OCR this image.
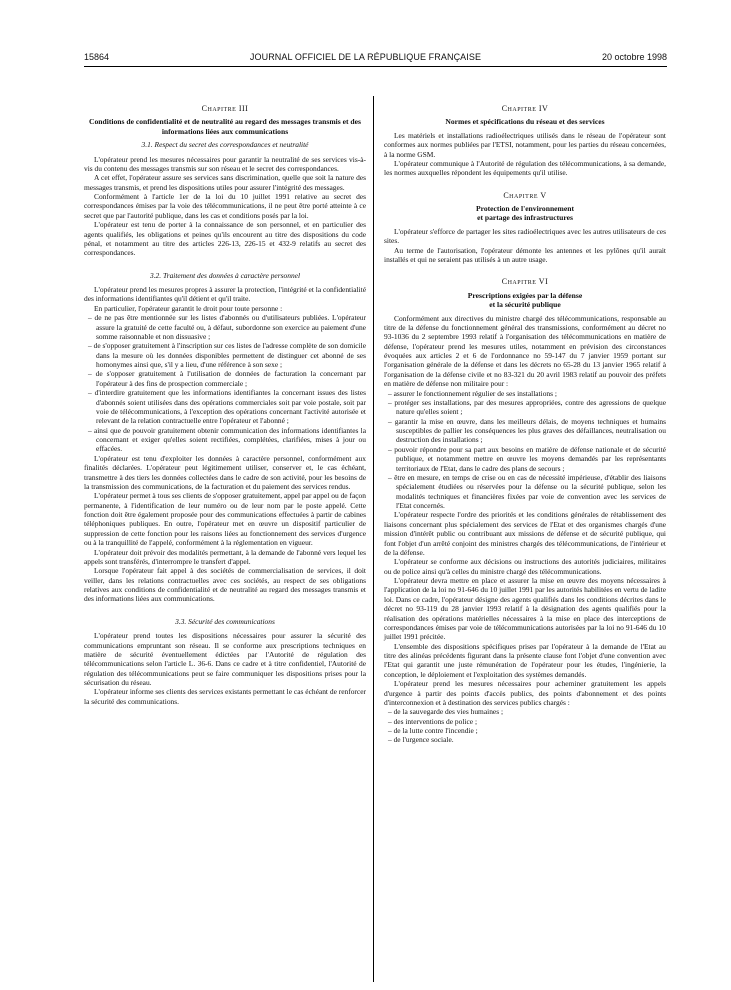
15864	JOURNAL OFFICIEL DE LA RÉPUBLIQUE FRANÇAISE	20 octobre 1998

Chapitre III

Conditions de confidentialité et de neutralité au regard des messages transmis et des informations liées aux communications

3.1. Respect du secret des correspondances et neutralité

L'opérateur prend les mesures nécessaires pour garantir la neutralité de ses services vis-à-vis du contenu des messages transmis sur son réseau et le secret des correspondances.

A cet effet, l'opérateur assure ses services sans discrimination, quelle que soit la nature des messages transmis, et prend les dispositions utiles pour assurer l'intégrité des messages.

Conformément à l'article 1er de la loi du 10 juillet 1991 relative au secret des correspondances émises par la voie des télécommunications, il ne peut être porté atteinte à ce secret que par l'autorité publique, dans les cas et conditions posés par la loi.

L'opérateur est tenu de porter à la connaissance de son personnel, et en particulier des agents qualifiés, les obligations et peines qu'ils encourent au titre des dispositions du code pénal, et notamment au titre des articles 226-13, 226-15 et 432-9 relatifs au secret des correspondances.

3.2. Traitement des données à caractère personnel

L'opérateur prend les mesures propres à assurer la protection, l'intégrité et la confidentialité des informations identifiantes qu'il détient et qu'il traite.

En particulier, l'opérateur garantit le droit pour toute personne :

– de ne pas être mentionnée sur les listes d'abonnés ou d'utilisateurs publiées. L'opérateur assure la gratuité de cette faculté ou, à défaut, subordonne son exercice au paiement d'une somme raisonnable et non dissuasive ;
– de s'opposer gratuitement à l'inscription sur ces listes de l'adresse complète de son domicile dans la mesure où les données disponibles permettent de distinguer cet abonné de ses homonymes ainsi que, s'il y a lieu, d'une référence à son sexe ;
– de s'opposer gratuitement à l'utilisation de données de facturation la concernant par l'opérateur à des fins de prospection commerciale ;
– d'interdire gratuitement que les informations identifiantes la concernant issues des listes d'abonnés soient utilisées dans des opérations commerciales soit par voie postale, soit par voie de télécommunications, à l'exception des opérations concernant l'activité autorisée et relevant de la relation contractuelle entre l'opérateur et l'abonné ;
– ainsi que de pouvoir gratuitement obtenir communication des informations identifiantes la concernant et exiger qu'elles soient rectifiées, complétées, clarifiées, mises à jour ou effacées.

L'opérateur est tenu d'exploiter les données à caractère personnel, conformément aux finalités déclarées. L'opérateur peut légitimement utiliser, conserver et, le cas échéant, transmettre à des tiers les données collectées dans le cadre de son activité, pour les besoins de la transmission des communications, de la facturation et du paiement des services rendus.

L'opérateur permet à tous ses clients de s'opposer gratuitement, appel par appel ou de façon permanente, à l'identification de leur numéro ou de leur nom par le poste appelé. Cette fonction doit être également proposée pour des communications effectuées à partir de cabines téléphoniques publiques. En outre, l'opérateur met en œuvre un dispositif particulier de suppression de cette fonction pour les raisons liées au fonctionnement des services d'urgence ou à la tranquillité de l'appelé, conformément à la réglementation en vigueur.

L'opérateur doit prévoir des modalités permettant, à la demande de l'abonné vers lequel les appels sont transférés, d'interrompre le transfert d'appel.

Lorsque l'opérateur fait appel à des sociétés de commercialisation de services, il doit veiller, dans les relations contractuelles avec ces sociétés, au respect de ses obligations relatives aux conditions de confidentialité et de neutralité au regard des messages transmis et des informations liées aux communications.

3.3. Sécurité des communications

L'opérateur prend toutes les dispositions nécessaires pour assurer la sécurité des communications empruntant son réseau. Il se conforme aux prescriptions techniques en matière de sécurité éventuellement édictées par l'Autorité de régulation des télécommunications selon l'article L. 36-6. Dans ce cadre et à titre confidentiel, l'Autorité de régulation des télécommunications peut se faire communiquer les dispositions prises pour la sécurisation du réseau.

L'opérateur informe ses clients des services existants permettant le cas échéant de renforcer la sécurité des communications.

Chapitre IV

Normes et spécifications du réseau et des services

Les matériels et installations radioélectriques utilisés dans le réseau de l'opérateur sont conformes aux normes publiées par l'ETSI, notamment, pour les parties du réseau concernées, à la norme GSM.

L'opérateur communique à l'Autorité de régulation des télécommunications, à sa demande, les normes auxquelles répondent les équipements qu'il utilise.

Chapitre V

Protection de l'environnement

et partage des infrastructures

L'opérateur s'efforce de partager les sites radioélectriques avec les autres utilisateurs de ces sites.

Au terme de l'autorisation, l'opérateur démonte les antennes et les pylônes qu'il aurait installés et qui ne seraient pas utilisés à un autre usage.

Chapitre VI

Prescriptions exigées par la défense

et la sécurité publique

Conformément aux directives du ministre chargé des télécommunications, responsable au titre de la défense du fonctionnement général des transmissions, conformément au décret no 93-1036 du 2 septembre 1993 relatif à l'organisation des télécommunications en matière de défense, l'opérateur prend les mesures utiles, notamment en prévision des circonstances évoquées aux articles 2 et 6 de l'ordonnance no 59-147 du 7 janvier 1959 portant sur l'organisation générale de la défense et dans les décrets no 65-28 du 13 janvier 1965 relatif à l'organisation de la défense civile et no 83-321 du 20 avril 1983 relatif au pouvoir des préfets en matière de défense non militaire pour :

– assurer le fonctionnement régulier de ses installations ;
– protéger ses installations, par des mesures appropriées, contre des agressions de quelque nature qu'elles soient ;
– garantir la mise en œuvre, dans les meilleurs délais, de moyens techniques et humains susceptibles de pallier les conséquences les plus graves des défaillances, neutralisation ou destruction des installations ;
– pouvoir répondre pour sa part aux besoins en matière de défense nationale et de sécurité publique, et notamment mettre en œuvre les moyens demandés par les représentants territoriaux de l'Etat, dans le cadre des plans de secours ;
– être en mesure, en temps de crise ou en cas de nécessité impérieuse, d'établir des liaisons spécialement étudiées ou réservées pour la défense ou la sécurité publique, selon les modalités techniques et financières fixées par voie de convention avec les services de l'Etat concernés.

L'opérateur respecte l'ordre des priorités et les conditions générales de rétablissement des liaisons concernant plus spécialement des services de l'Etat et des organismes chargés d'une mission d'intérêt public ou contribuant aux missions de défense et de sécurité publique, qui font l'objet d'un arrêté conjoint des ministres chargés des télécommunications, de l'intérieur et de la défense.

L'opérateur se conforme aux décisions ou instructions des autorités judiciaires, militaires ou de police ainsi qu'à celles du ministre chargé des télécommunications.

L'opérateur devra mettre en place et assurer la mise en œuvre des moyens nécessaires à l'application de la loi no 91-646 du 10 juillet 1991 par les autorités habilitées en vertu de ladite loi. Dans ce cadre, l'opérateur désigne des agents qualifiés dans les conditions décrites dans le décret no 93-119 du 28 janvier 1993 relatif à la désignation des agents qualifiés pour la réalisation des opérations matérielles nécessaires à la mise en place des interceptions de correspondances émises par voie de télécommunications autorisées par la loi no 91-646 du 10 juillet 1991 précitée.

L'ensemble des dispositions spécifiques prises par l'opérateur à la demande de l'Etat au titre des alinéas précédents figurant dans la présente clause font l'objet d'une convention avec l'Etat qui garantit une juste rémunération de l'opérateur pour les études, l'ingénierie, la conception, le déploiement et l'exploitation des systèmes demandés.

L'opérateur prend les mesures nécessaires pour acheminer gratuitement les appels d'urgence à partir des points d'accès publics, des points d'abonnement et des points d'interconnexion et à destination des services publics chargés :

– de la sauvegarde des vies humaines ;
– des interventions de police ;
– de la lutte contre l'incendie ;
– de l'urgence sociale.
